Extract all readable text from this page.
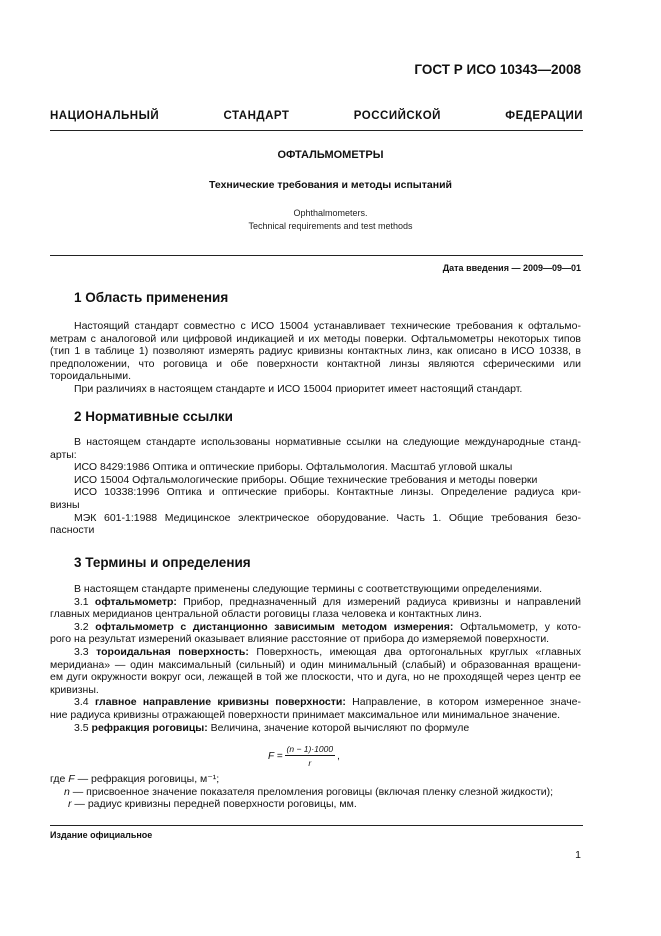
ГОСТ Р ИСО 10343—2008
НАЦИОНАЛЬНЫЙ СТАНДАРТ РОССИЙСКОЙ ФЕДЕРАЦИИ
ОФТАЛЬМОМЕТРЫ
Технические требования и методы испытаний
Ophthalmometers.
Technical requirements and test methods
Дата введения — 2009—09—01
1 Область применения
Настоящий стандарт совместно с ИСО 15004 устанавливает технические требования к офтальмо-
метрам с аналоговой или цифровой индикацией и их методы поверки. Офтальмометры некоторых типов
(тип 1 в таблице 1) позволяют измерять радиус кривизны контактных линз, как описано в ИСО 10338, в
предположении, что роговица и обе поверхности контактной линзы являются сферическими или
тороидальными.
При различиях в настоящем стандарте и ИСО 15004 приоритет имеет настоящий стандарт.
2 Нормативные ссылки
В настоящем стандарте использованы нормативные ссылки на следующие международные станд-
арты:
ИСО 8429:1986 Оптика и оптические приборы. Офтальмология. Масштаб угловой шкалы
ИСО 15004 Офтальмологические приборы. Общие технические требования и методы поверки
ИСО 10338:1996 Оптика и оптические приборы. Контактные линзы. Определение радиуса кри-
визны
МЭК 601-1:1988 Медицинское электрическое оборудование. Часть 1. Общие требования безо-
пасности
3 Термины и определения
В настоящем стандарте применены следующие термины с соответствующими определениями.
3.1 офтальмометр: Прибор, предназначенный для измерений радиуса кривизны и направлений
главных меридианов центральной области роговицы глаза человека и контактных линз.
3.2 офтальмометр с дистанционно зависимым методом измерения: Офтальмометр, у кото-
рого на результат измерений оказывает влияние расстояние от прибора до измеряемой поверхности.
3.3 тороидальная поверхность: Поверхность, имеющая два ортогональных круглых «главных
меридиана» — один максимальный (сильный) и один минимальный (слабый) и образованная вращени-
ем дуги окружности вокруг оси, лежащей в той же плоскости, что и дуга, но не проходящей через центр ее
кривизны.
3.4 главное направление кривизны поверхности: Направление, в котором измеренное значе-
ние радиуса кривизны отражающей поверхности принимает максимальное или минимальное значение.
3.5 рефракция роговицы: Величина, значение которой вычисляют по формуле
$F = \frac{(n - 1)\cdot 1000}{r}$ ,
где F — рефракция роговицы, м⁻¹;
n — присвоенное значение показателя преломления роговицы (включая пленку слезной жидкости);
r — радиус кривизны передней поверхности роговицы, мм.
Издание официальное
1
